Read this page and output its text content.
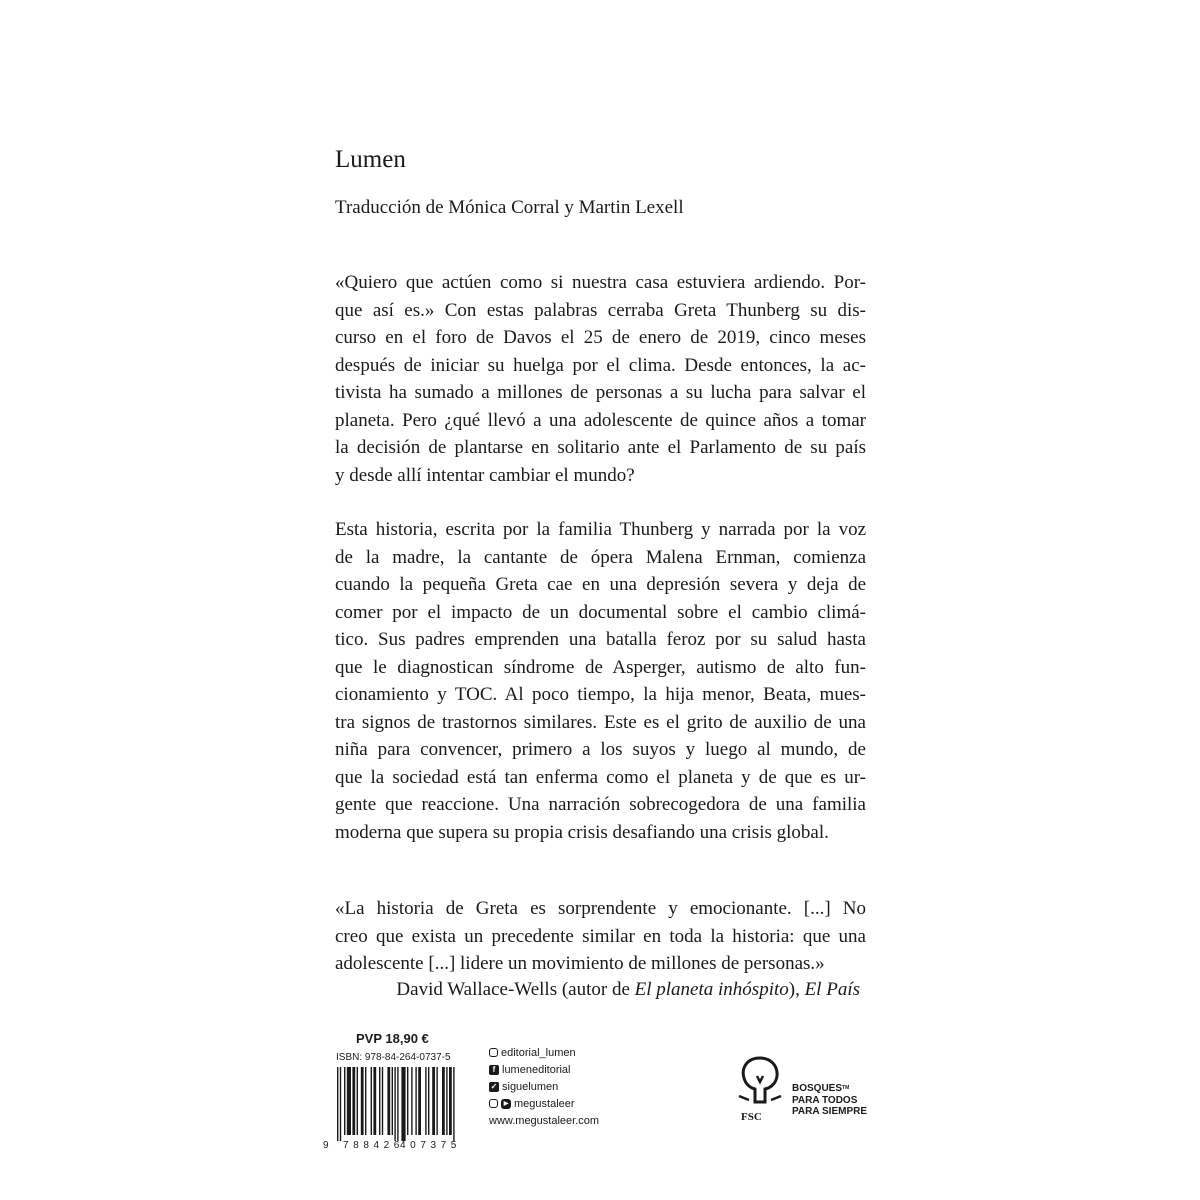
Lumen
Traducción de Mónica Corral y Martin Lexell

«Quiero que actúen como si nuestra casa estuviera ardiendo. Por-
que así es.» Con estas palabras cerraba Greta Thunberg su dis-
curso en el foro de Davos el 25 de enero de 2019, cinco meses
después de iniciar su huelga por el clima. Desde entonces, la ac-
tivista ha sumado a millones de personas a su lucha para salvar el
planeta. Pero ¿qué llevó a una adolescente de quince años a tomar
la decisión de plantarse en solitario ante el Parlamento de su país
y desde allí intentar cambiar el mundo?

Esta historia, escrita por la familia Thunberg y narrada por la voz
de la madre, la cantante de ópera Malena Ernman, comienza
cuando la pequeña Greta cae en una depresión severa y deja de
comer por el impacto de un documental sobre el cambio climá-
tico. Sus padres emprenden una batalla feroz por su salud hasta
que le diagnostican síndrome de Asperger, autismo de alto fun-
cionamiento y TOC. Al poco tiempo, la hija menor, Beata, mues-
tra signos de trastornos similares. Este es el grito de auxilio de una
niña para convencer, primero a los suyos y luego al mundo, de
que la sociedad está tan enferma como el planeta y de que es ur-
gente que reaccione. Una narración sobrecogedora de una familia
moderna que supera su propia crisis desafiando una crisis global.

«La historia de Greta es sorprendente y emocionante. [...] No
creo que exista un precedente similar en toda la historia: que una
adolescente [...] lidere un movimiento de millones de personas.»

David Wallace-Wells (autor de El planeta inhóspito), El País
PVP 18,90 €
ISBN: 978-84-264-0737-5
9 788426
407375
editorial_lumen
f lumeneditorial
✓ siguelumen
▶ megustaleer
www.megustaleer.com	FSC
BOSQUES™
PARA TODOS
PARA SIEMPRE
